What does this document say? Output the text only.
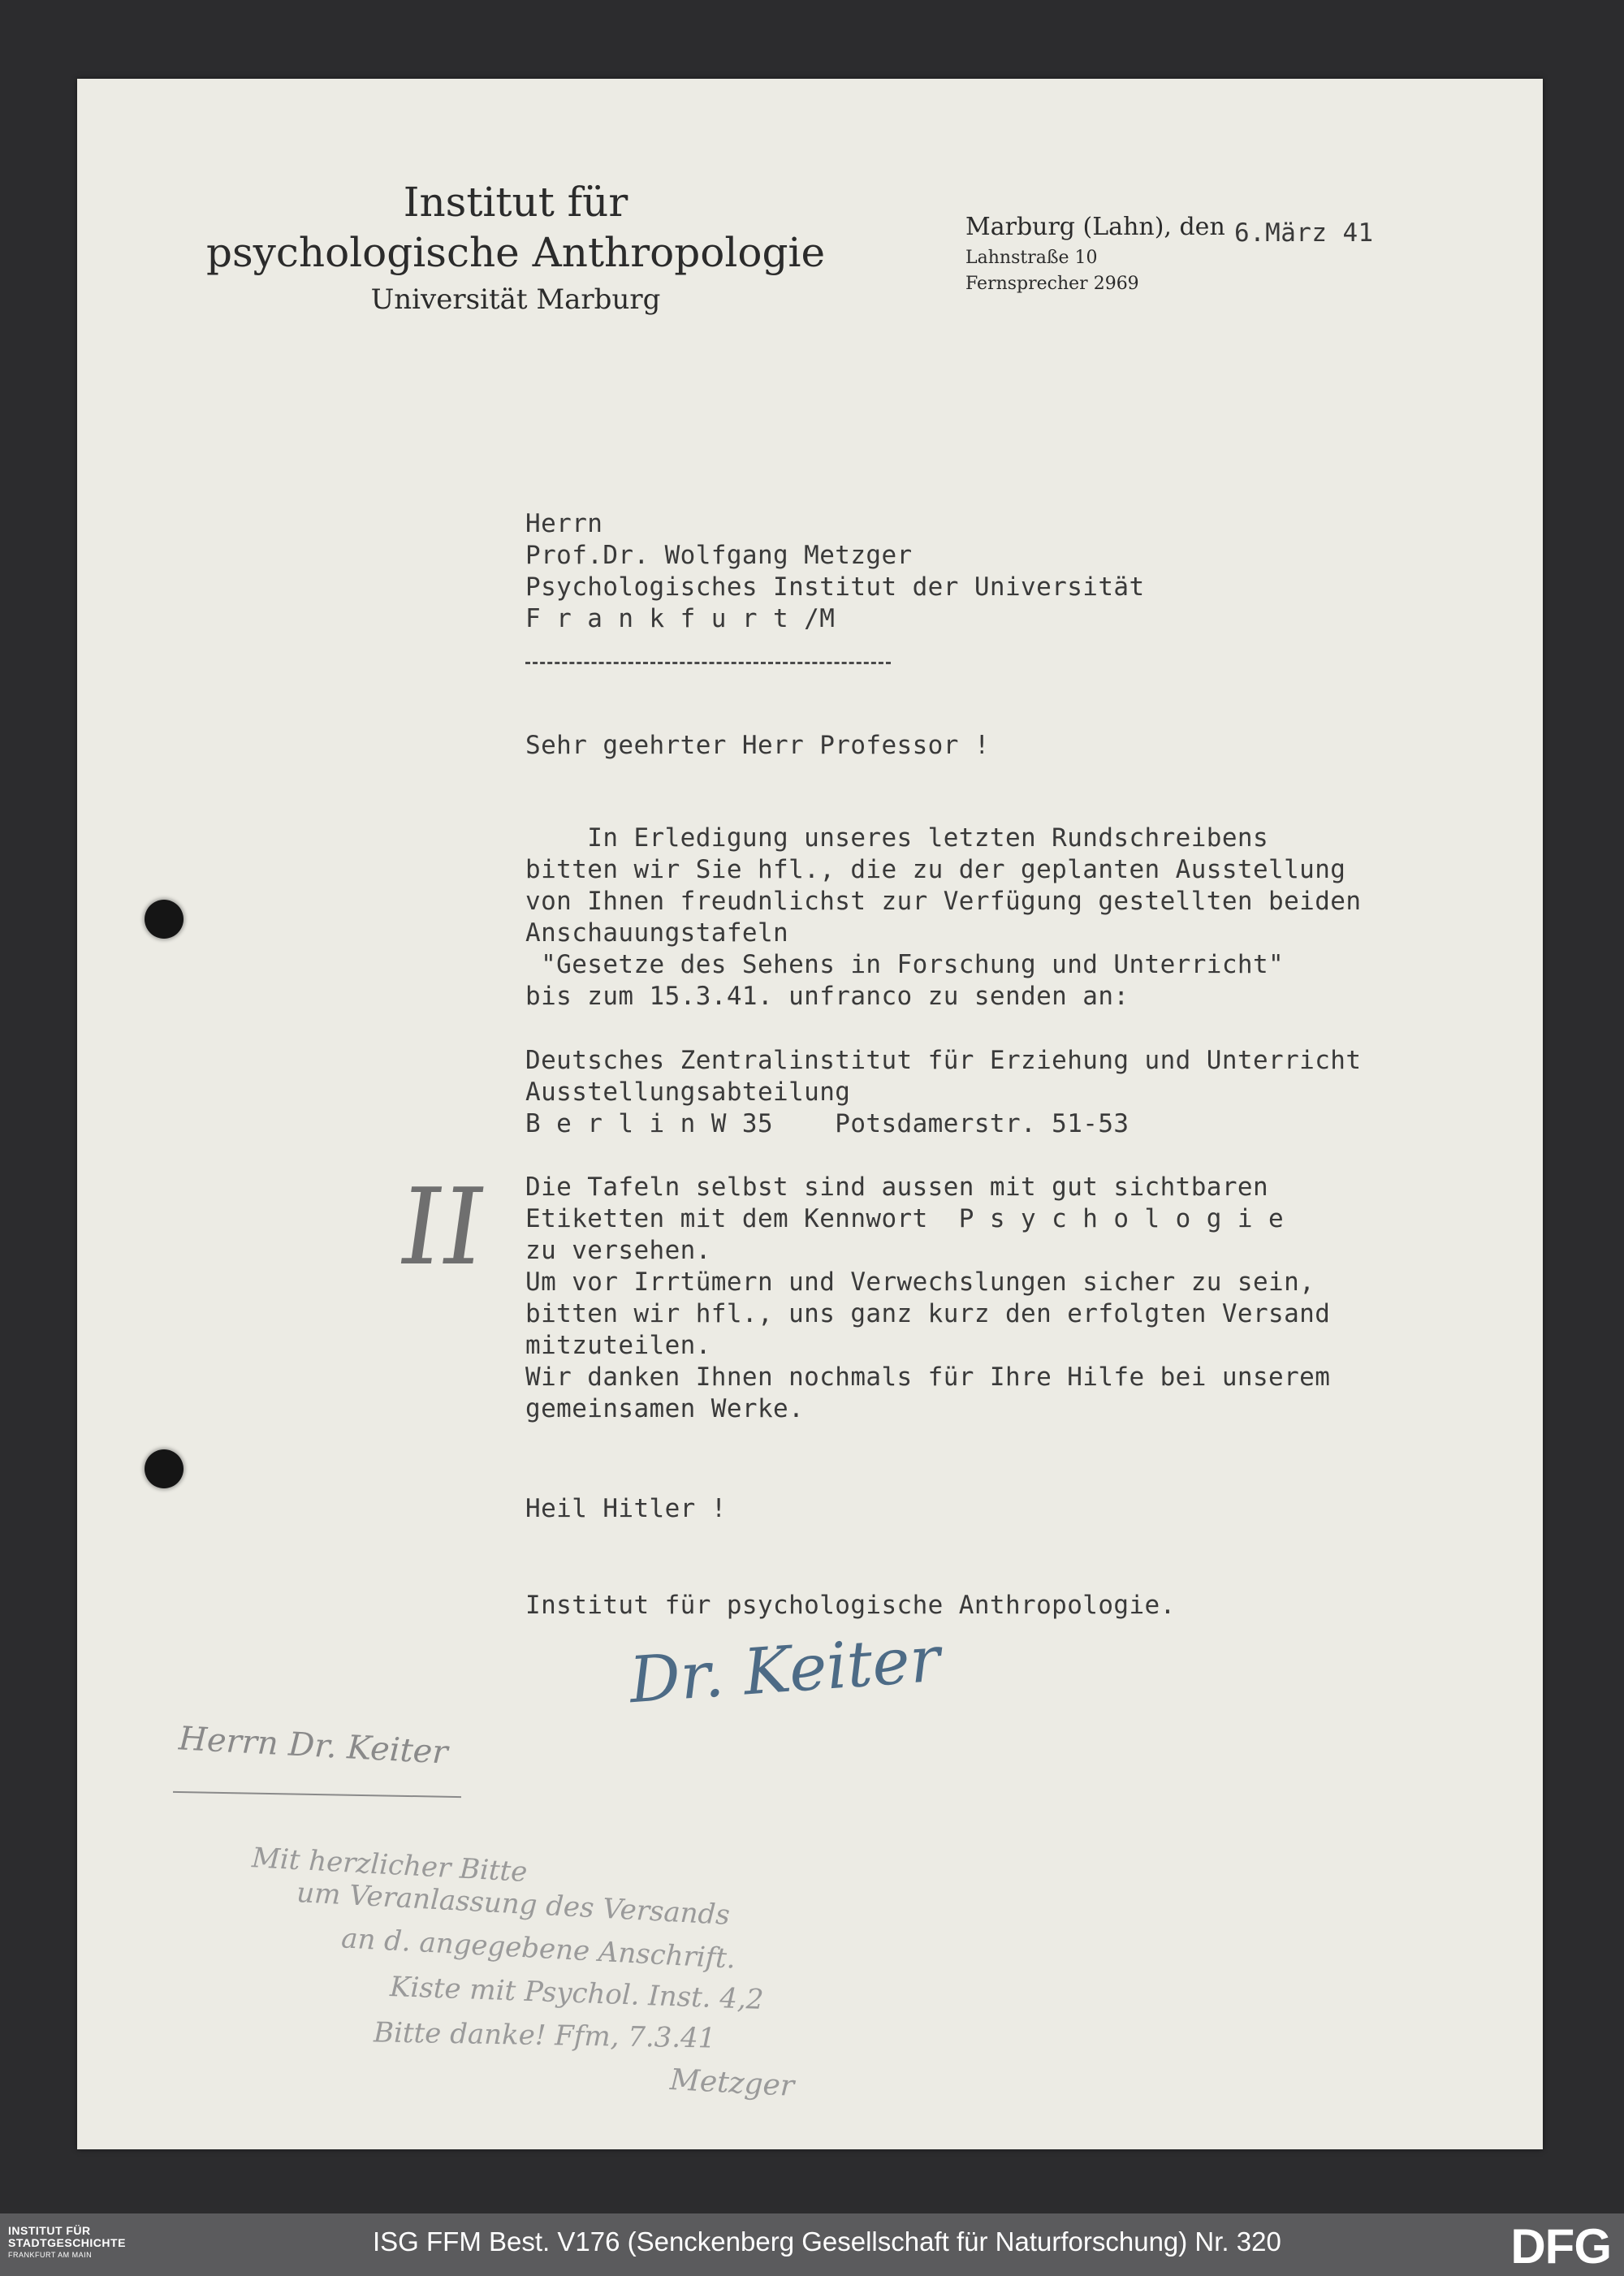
Institut für
psychologische Anthropologie
Universität Marburg
Marburg (Lahn), den
Lahnstraße 10
Fernsprecher 2969
6.März 41
Herrn
Prof.Dr. Wolfgang Metzger
Psychologisches Institut der Universität
F r a n k f u r t /M
Sehr geehrter Herr Professor !
In Erledigung unseres letzten Rundschreibens
bitten wir Sie hfl., die zu der geplanten Ausstellung
von Ihnen freudnlichst zur Verfügung gestellten beiden
Anschauungstafeln
"Gesetze des Sehens in Forschung und Unterricht"
bis zum 15.3.41. unfranco zu senden an:
Deutsches Zentralinstitut für Erziehung und Unterricht
Ausstellungsabteilung
B e r l i n W 35    Potsdamerstr. 51-53
Die Tafeln selbst sind aussen mit gut sichtbaren
Etiketten mit dem Kennwort  P s y c h o l o g i e
zu versehen.
Um vor Irrtümern und Verwechslungen sicher zu sein,
bitten wir hfl., uns ganz kurz den erfolgten Versand
mitzuteilen.
Wir danken Ihnen nochmals für Ihre Hilfe bei unserem
gemeinsamen Werke.
Heil Hitler !
Institut für psychologische Anthropologie.
II
Dr. Keiter
Herrn Dr. Keiter
Mit herzlicher Bitte
um Veranlassung des Versands
an d. angegebene Anschrift.
Kiste mit Psychol. Inst. 4,2
Bitte danke! Ffm, 7.3.41
Metzger
INSTITUT FÜR
STADTGESCHICHTE
FRANKFURT AM MAIN	ISG FFM Best. V176 (Senckenberg Gesellschaft für Naturforschung) Nr. 320	DFG
